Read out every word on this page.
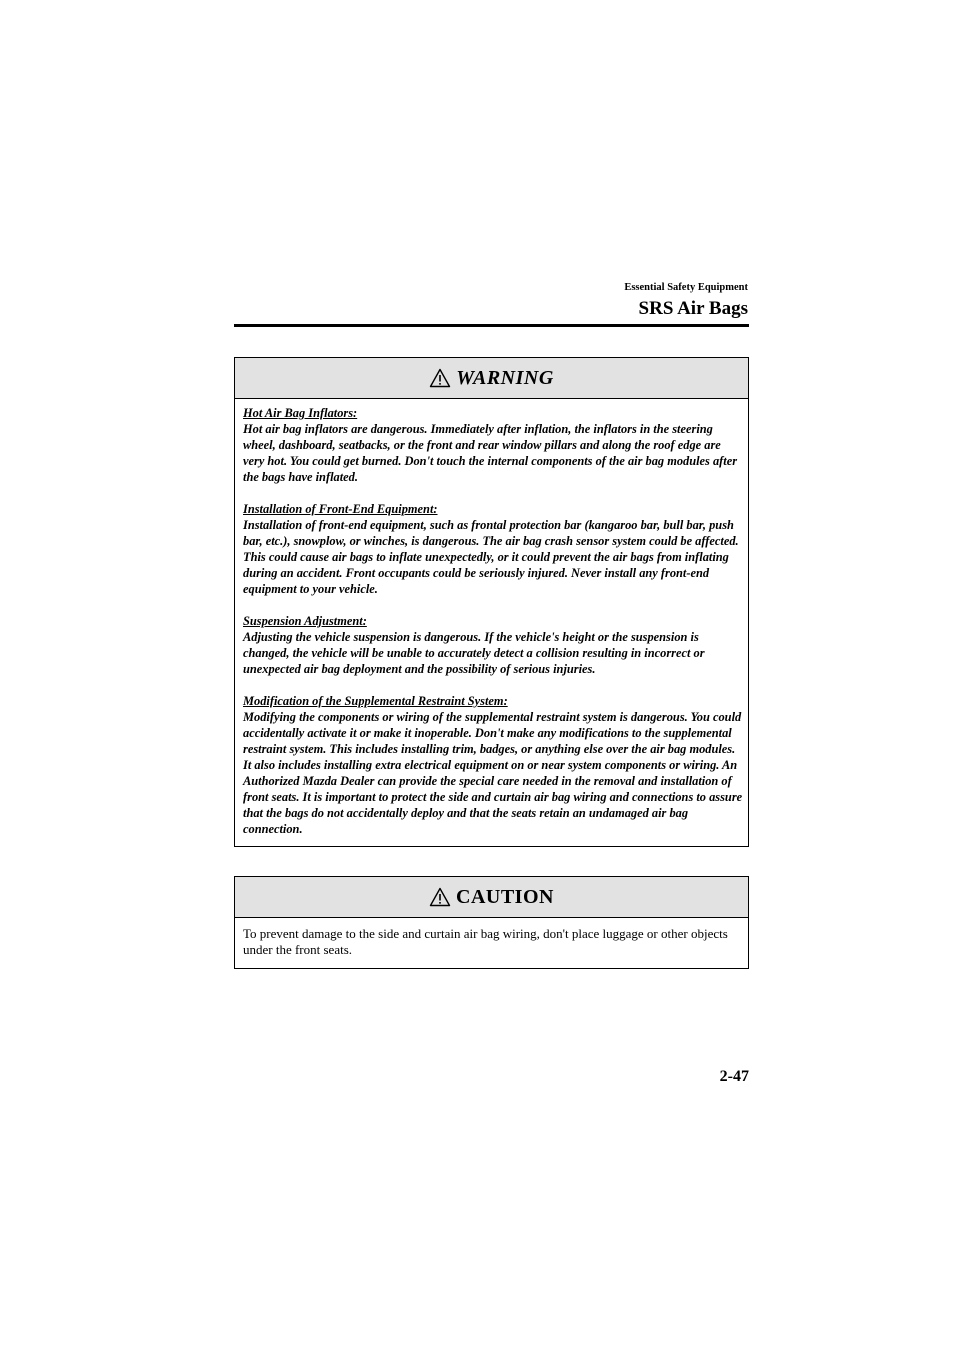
Essential Safety Equipment
SRS Air Bags
WARNING
Hot Air Bag Inflators:
Hot air bag inflators are dangerous. Immediately after inflation, the inflators in the steering wheel, dashboard, seatbacks, or the front and rear window pillars and along the roof edge are very hot. You could get burned. Don't touch the internal components of the air bag modules after the bags have inflated.
Installation of Front-End Equipment:
Installation of front-end equipment, such as frontal protection bar (kangaroo bar, bull bar, push bar, etc.), snowplow, or winches, is dangerous. The air bag crash sensor system could be affected. This could cause air bags to inflate unexpectedly, or it could prevent the air bags from inflating during an accident. Front occupants could be seriously injured. Never install any front-end equipment to your vehicle.
Suspension Adjustment:
Adjusting the vehicle suspension is dangerous. If the vehicle's height or the suspension is changed, the vehicle will be unable to accurately detect a collision resulting in incorrect or unexpected air bag deployment and the possibility of serious injuries.
Modification of the Supplemental Restraint System:
Modifying the components or wiring of the supplemental restraint system is dangerous. You could accidentally activate it or make it inoperable. Don't make any modifications to the supplemental restraint system. This includes installing trim, badges, or anything else over the air bag modules. It also includes installing extra electrical equipment on or near system components or wiring. An Authorized Mazda Dealer can provide the special care needed in the removal and installation of front seats. It is important to protect the side and curtain air bag wiring and connections to assure that the bags do not accidentally deploy and that the seats retain an undamaged air bag connection.
CAUTION
To prevent damage to the side and curtain air bag wiring, don't place luggage or other objects under the front seats.
2-47
